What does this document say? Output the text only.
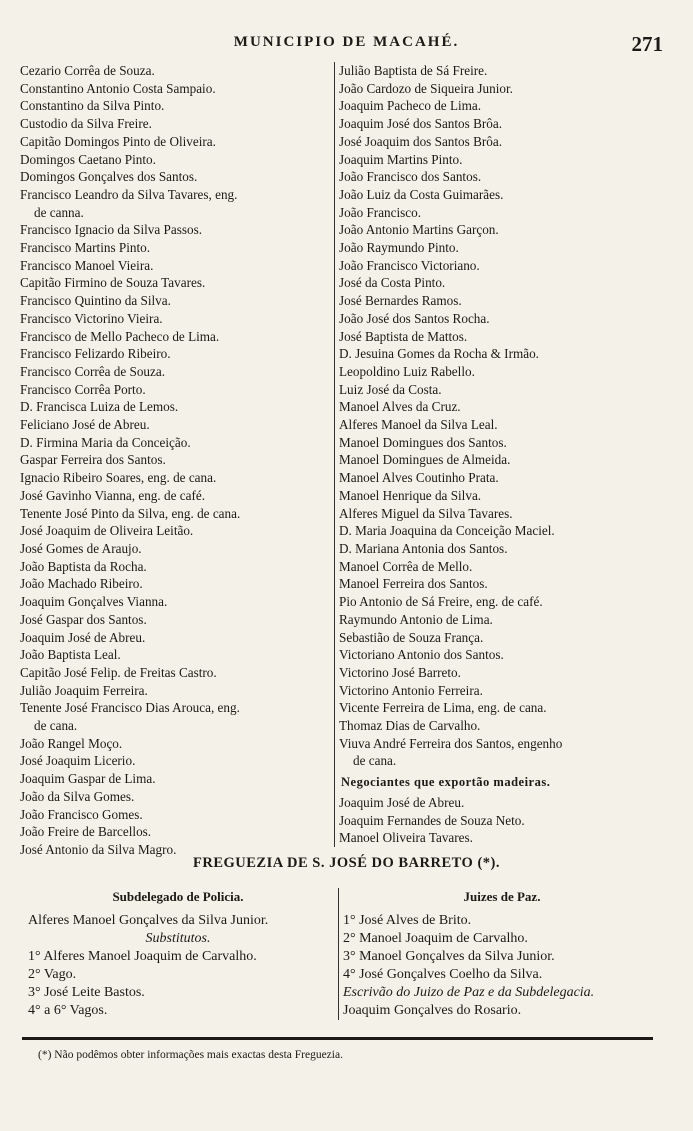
MUNICIPIO DE MACAHÉ.	271
Cezario Corrêa de Souza.
Constantino Antonio Costa Sampaio.
Constantino da Silva Pinto.
Custodio da Silva Freire.
Capitão Domingos Pinto de Oliveira.
Domingos Caetano Pinto.
Domingos Gonçalves dos Santos.
Francisco Leandro da Silva Tavares, eng.
de canna.
Francisco Ignacio da Silva Passos.
Francisco Martins Pinto.
Francisco Manoel Vieira.
Capitão Firmino de Souza Tavares.
Francisco Quintino da Silva.
Francisco Victorino Vieira.
Francisco de Mello Pacheco de Lima.
Francisco Felizardo Ribeiro.
Francisco Corrêa de Souza.
Francisco Corrêa Porto.
D. Francisca Luiza de Lemos.
Feliciano José de Abreu.
D. Firmina Maria da Conceição.
Gaspar Ferreira dos Santos.
Ignacio Ribeiro Soares, eng. de cana.
José Gavinho Vianna, eng. de café.
Tenente José Pinto da Silva, eng. de cana.
José Joaquim de Oliveira Leitão.
José Gomes de Araujo.
João Baptista da Rocha.
João Machado Ribeiro.
Joaquim Gonçalves Vianna.
José Gaspar dos Santos.
Joaquim José de Abreu.
João Baptista Leal.
Capitão José Felip. de Freitas Castro.
Julião Joaquim Ferreira.
Tenente José Francisco Dias Arouca, eng.
de cana.
João Rangel Moço.
José Joaquim Licerio.
Joaquim Gaspar de Lima.
João da Silva Gomes.
João Francisco Gomes.
João Freire de Barcellos.
José Antonio da Silva Magro.
Julião Baptista de Sá Freire.
João Cardozo de Siqueira Junior.
Joaquim Pacheco de Lima.
Joaquim José dos Santos Brôa.
José Joaquim dos Santos Brôa.
Joaquim Martins Pinto.
João Francisco dos Santos.
João Luiz da Costa Guimarães.
João Francisco.
João Antonio Martins Garçon.
João Raymundo Pinto.
João Francisco Victoriano.
José da Costa Pinto.
José Bernardes Ramos.
João José dos Santos Rocha.
José Baptista de Mattos.
D. Jesuina Gomes da Rocha & Irmão.
Leopoldino Luiz Rabello.
Luiz José da Costa.
Manoel Alves da Cruz.
Alferes Manoel da Silva Leal.
Manoel Domingues dos Santos.
Manoel Domingues de Almeida.
Manoel Alves Coutinho Prata.
Manoel Henrique da Silva.
Alferes Miguel da Silva Tavares.
D. Maria Joaquina da Conceição Maciel.
D. Mariana Antonia dos Santos.
Manoel Corrêa de Mello.
Manoel Ferreira dos Santos.
Pio Antonio de Sá Freire, eng. de café.
Raymundo Antonio de Lima.
Sebastião de Souza França.
Victoriano Antonio dos Santos.
Victorino José Barreto.
Victorino Antonio Ferreira.
Vicente Ferreira de Lima, eng. de cana.
Thomaz Dias de Carvalho.
Viuva André Ferreira dos Santos, engenho
de cana.
Negociantes que exportão madeiras.
Joaquim José de Abreu.
Joaquim Fernandes de Souza Neto.
Manoel Oliveira Tavares.
FREGUEZIA DE S. JOSÉ DO BARRETO (*).
Subdelegado de Policia.
Alferes Manoel Gonçalves da Silva Junior.
Substitutos.
1° Alferes Manoel Joaquim de Carvalho.
2° Vago.
3° José Leite Bastos.
4° a 6° Vagos.
Juizes de Paz.
1° José Alves de Brito.
2° Manoel Joaquim de Carvalho.
3° Manoel Gonçalves da Silva Junior.
4° José Gonçalves Coelho da Silva.
Escrivão do Juizo de Paz e da Subdelegacia.
Joaquim Gonçalves do Rosario.
(*) Não podêmos obter informações mais exactas desta Freguezia.
